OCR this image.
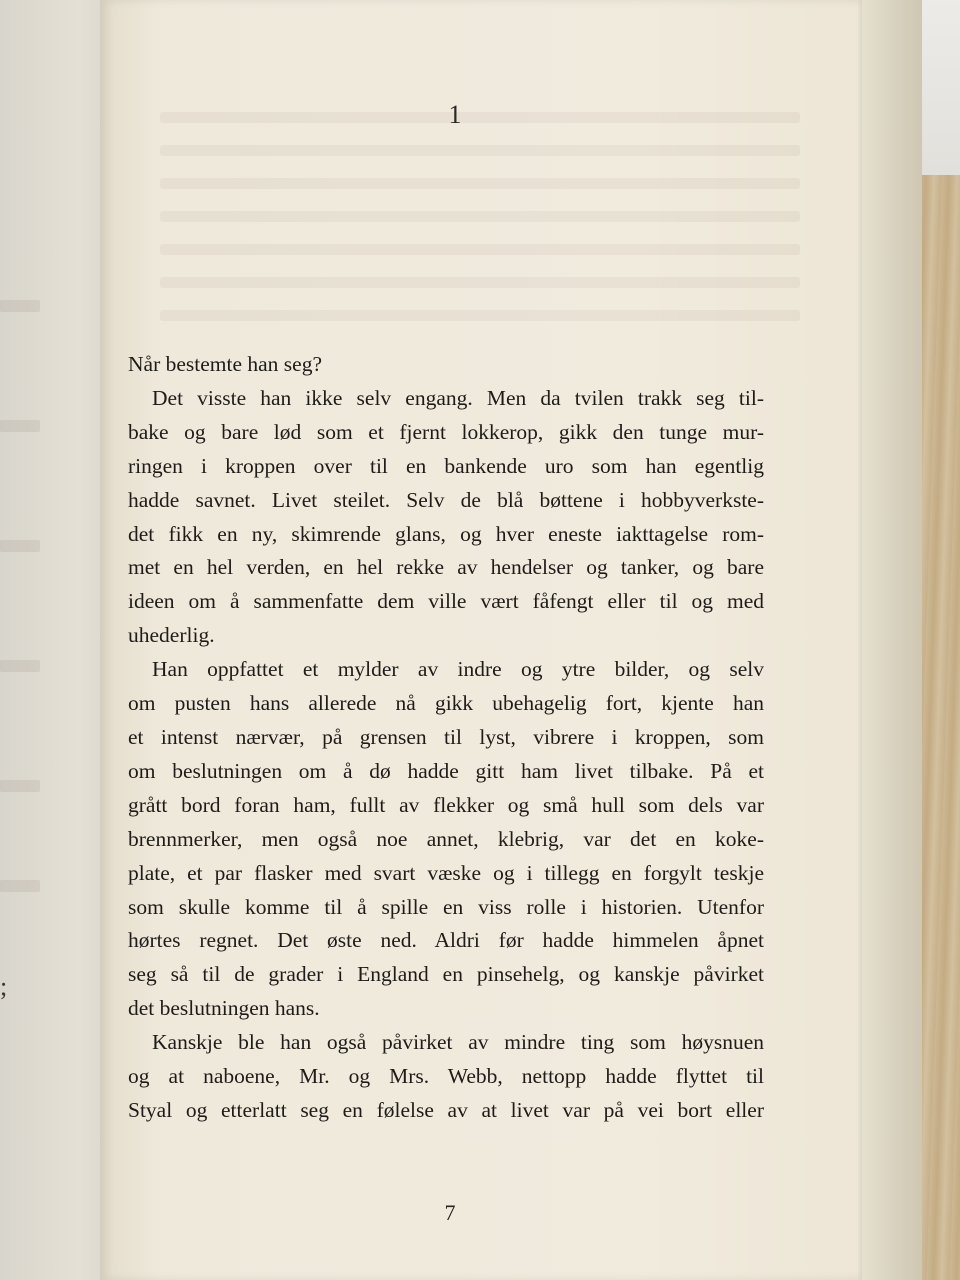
;
1
Når bestemte han seg?
Det visste han ikke selv engang. Men da tvilen trakk seg til-
bake og bare lød som et fjernt lokkerop, gikk den tunge mur-
ringen i kroppen over til en bankende uro som han egentlig
hadde savnet. Livet steilet. Selv de blå bøttene i hobbyverkste-
det fikk en ny, skimrende glans, og hver eneste iakttagelse rom-
met en hel verden, en hel rekke av hendelser og tanker, og bare
ideen om å sammenfatte dem ville vært fåfengt eller til og med
uhederlig.
Han oppfattet et mylder av indre og ytre bilder, og selv
om pusten hans allerede nå gikk ubehagelig fort, kjente han
et intenst nærvær, på grensen til lyst, vibrere i kroppen, som
om beslutningen om å dø hadde gitt ham livet tilbake. På et
grått bord foran ham, fullt av flekker og små hull som dels var
brennmerker, men også noe annet, klebrig, var det en koke-
plate, et par flasker med svart væske og i tillegg en forgylt teskje
som skulle komme til å spille en viss rolle i historien. Utenfor
hørtes regnet. Det øste ned. Aldri før hadde himmelen åpnet
seg så til de grader i England en pinsehelg, og kanskje påvirket
det beslutningen hans.
Kanskje ble han også påvirket av mindre ting som høysnuen
og at naboene, Mr. og Mrs. Webb, nettopp hadde flyttet til
Styal og etterlatt seg en følelse av at livet var på vei bort eller
7
